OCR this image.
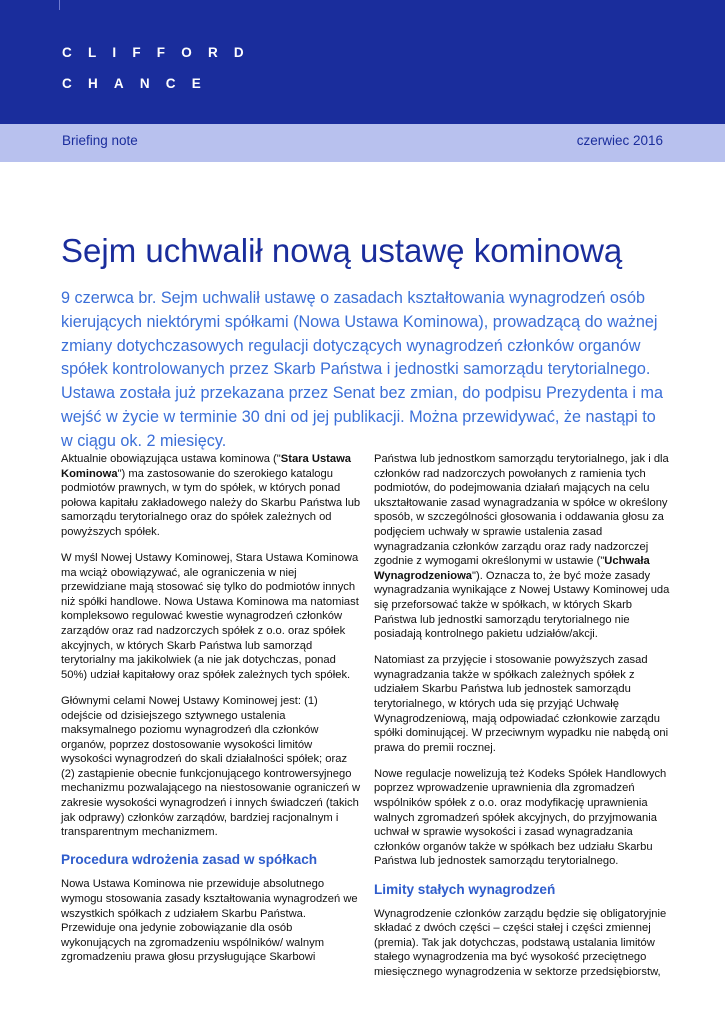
CLIFFORD
CHANCE
Briefing note	czerwiec 2016
Sejm uchwalił nową ustawę kominową

9 czerwca br. Sejm uchwalił ustawę o zasadach kształtowania wynagrodzeń osób kierujących niektórymi spółkami (Nowa Ustawa Kominowa), prowadzącą do ważnej zmiany dotychczasowych regulacji dotyczących wynagrodzeń członków organów spółek kontrolowanych przez Skarb Państwa i jednostki samorządu terytorialnego. Ustawa została już przekazana przez Senat bez zmian, do podpisu Prezydenta i ma wejść w życie w terminie 30 dni od jej publikacji. Można przewidywać, że nastąpi to w ciągu ok. 2 miesięcy.

Aktualnie obowiązująca ustawa kominowa ("Stara Ustawa Kominowa") ma zastosowanie do szerokiego katalogu podmiotów prawnych, w tym do spółek, w których ponad połowa kapitału zakładowego należy do Skarbu Państwa lub samorządu terytorialnego oraz do spółek zależnych od powyższych spółek.

W myśl Nowej Ustawy Kominowej, Stara Ustawa Kominowa ma wciąż obowiązywać, ale ograniczenia w niej przewidziane mają stosować się tylko do podmiotów innych niż spółki handlowe. Nowa Ustawa Kominowa ma natomiast kompleksowo regulować kwestie wynagrodzeń członków zarządów oraz rad nadzorczych spółek z o.o. oraz spółek akcyjnych, w których Skarb Państwa lub samorząd terytorialny ma jakikolwiek (a nie jak dotychczas, ponad 50%) udział kapitałowy oraz spółek zależnych tych spółek.

Głównymi celami Nowej Ustawy Kominowej jest: (1) odejście od dzisiejszego sztywnego ustalenia maksymalnego poziomu wynagrodzeń dla członków organów, poprzez dostosowanie wysokości limitów wysokości wynagrodzeń do skali działalności spółek; oraz (2) zastąpienie obecnie funkcjonującego kontrowersyjnego mechanizmu pozwalającego na niestosowanie ograniczeń w zakresie wysokości wynagrodzeń i innych świadczeń (takich jak odprawy) członków zarządów, bardziej racjonalnym i transparentnym mechanizmem.

Procedura wdrożenia zasad w spółkach

Nowa Ustawa Kominowa nie przewiduje absolutnego wymogu stosowania zasady kształtowania wynagrodzeń we wszystkich spółkach z udziałem Skarbu Państwa. Przewiduje ona jedynie zobowiązanie dla osób wykonujących na zgromadzeniu wspólników/ walnym zgromadzeniu prawa głosu przysługujące Skarbowi

Państwa lub jednostkom samorządu terytorialnego, jak i dla członków rad nadzorczych powołanych z ramienia tych podmiotów, do podejmowania działań mających na celu ukształtowanie zasad wynagradzania w spółce w określony sposób, w szczególności głosowania i oddawania głosu za podjęciem uchwały w sprawie ustalenia zasad wynagradzania członków zarządu oraz rady nadzorczej zgodnie z wymogami określonymi w ustawie ("Uchwała Wynagrodzeniowa"). Oznacza to, że być może zasady wynagradzania wynikające z Nowej Ustawy Kominowej uda się przeforsować także w spółkach, w których Skarb Państwa lub jednostki samorządu terytorialnego nie posiadają kontrolnego pakietu udziałów/akcji.

Natomiast za przyjęcie i stosowanie powyższych zasad wynagradzania także w spółkach zależnych spółek z udziałem Skarbu Państwa lub jednostek samorządu terytorialnego, w których uda się przyjąć Uchwałę Wynagrodzeniową, mają odpowiadać członkowie zarządu spółki dominującej. W przeciwnym wypadku nie nabędą oni prawa do premii rocznej.

Nowe regulacje nowelizują też Kodeks Spółek Handlowych poprzez wprowadzenie uprawnienia dla zgromadzeń wspólników spółek z o.o. oraz modyfikację uprawnienia walnych zgromadzeń spółek akcyjnych, do przyjmowania uchwał w sprawie wysokości i zasad wynagradzania członków organów także w spółkach bez udziału Skarbu Państwa lub jednostek samorządu terytorialnego.

Limity stałych wynagrodzeń

Wynagrodzenie członków zarządu będzie się obligatoryjnie składać z dwóch części – części stałej i części zmiennej (premia). Tak jak dotychczas, podstawą ustalania limitów stałego wynagrodzenia ma być wysokość przeciętnego miesięcznego wynagrodzenia w sektorze przedsiębiorstw,
